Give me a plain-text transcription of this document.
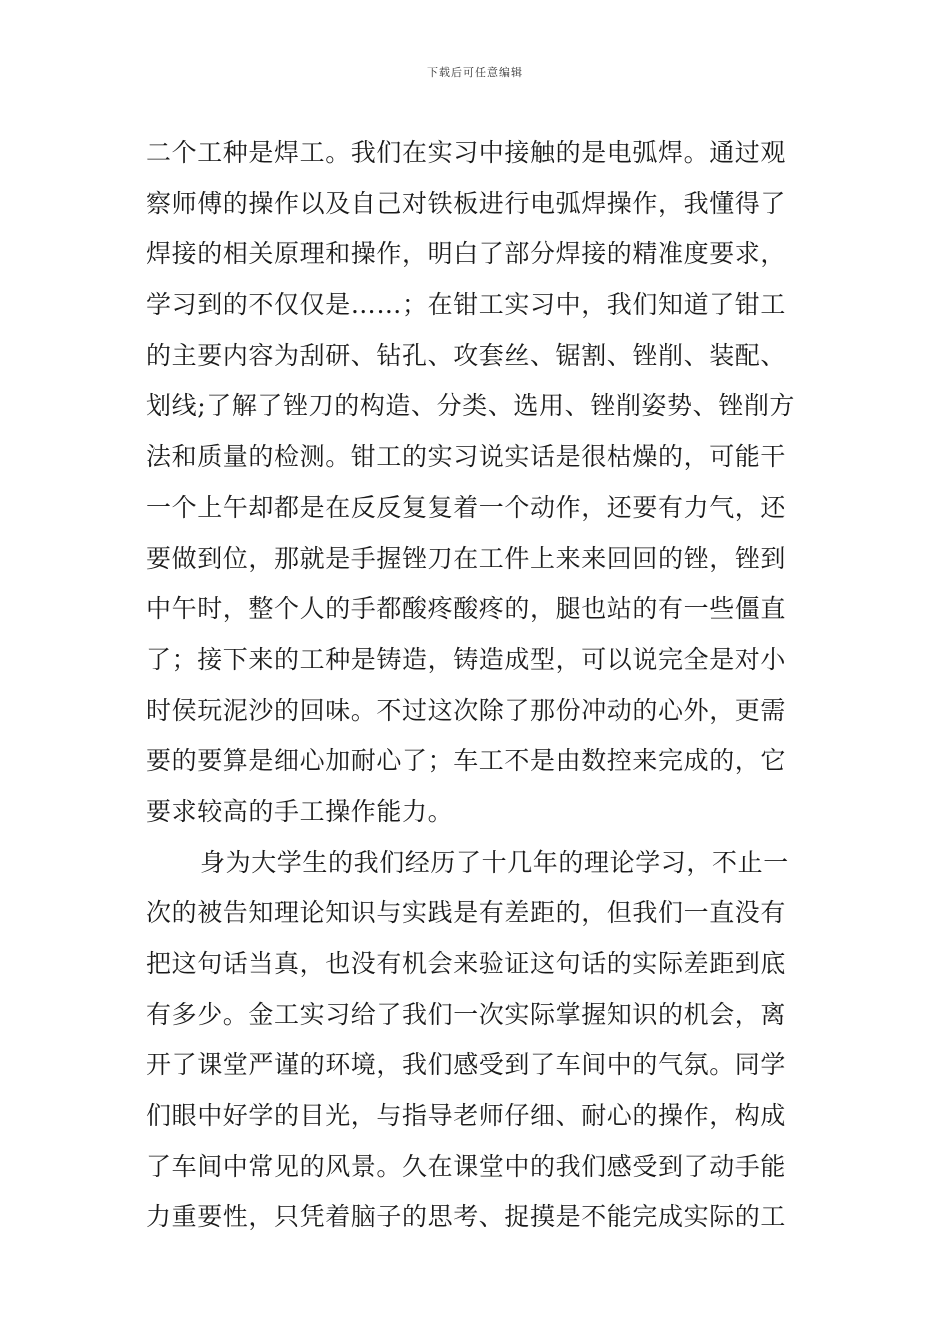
下载后可任意编辑
二个工种是焊工。我们在实习中接触的是电弧焊。通过观
察师傅的操作以及自己对铁板进行电弧焊操作，我懂得了
焊接的相关原理和操作，明白了部分焊接的精准度要求，
学习到的不仅仅是……；在钳工实习中，我们知道了钳工
的主要内容为刮研、钻孔、攻套丝、锯割、锉削、装配、
划线;了解了锉刀的构造、分类、选用、锉削姿势、锉削方
法和质量的检测。钳工的实习说实话是很枯燥的，可能干
一个上午却都是在反反复复着一个动作，还要有力气，还
要做到位，那就是手握锉刀在工件上来来回回的锉，锉到
中午时，整个人的手都酸疼酸疼的，腿也站的有一些僵直
了；接下来的工种是铸造，铸造成型，可以说完全是对小
时侯玩泥沙的回味。不过这次除了那份冲动的心外，更需
要的要算是细心加耐心了；车工不是由数控来完成的，它
要求较高的手工操作能力。
身为大学生的我们经历了十几年的理论学习，不止一
次的被告知理论知识与实践是有差距的，但我们一直没有
把这句话当真，也没有机会来验证这句话的实际差距到底
有多少。金工实习给了我们一次实际掌握知识的机会，离
开了课堂严谨的环境，我们感受到了车间中的气氛。同学
们眼中好学的目光，与指导老师仔细、耐心的操作，构成
了车间中常见的风景。久在课堂中的我们感受到了动手能
力重要性，只凭着脑子的思考、捉摸是不能完成实际的工
